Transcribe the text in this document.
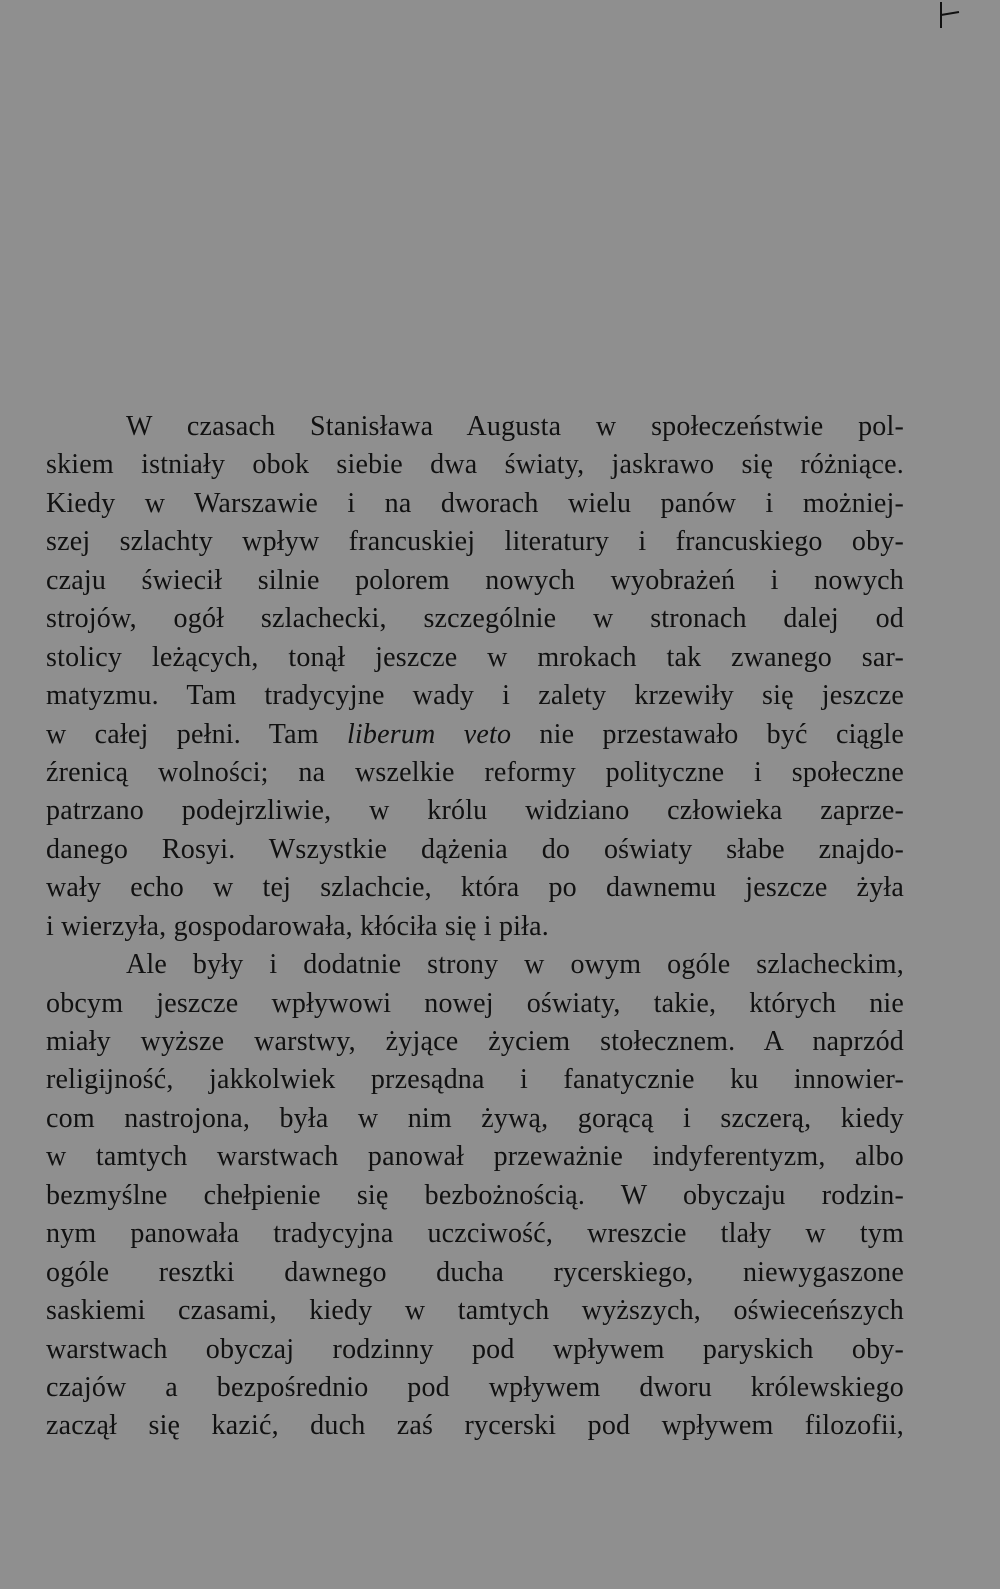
W czasach Stanisława Augusta w społeczeństwie pol-
skiem istniały obok siebie dwa światy, jaskrawo się różniące.
Kiedy w Warszawie i na dworach wielu panów i możniej-
szej szlachty wpływ francuskiej literatury i francuskiego oby-
czaju świecił silnie polorem nowych wyobrażeń i nowych
strojów, ogół szlachecki, szczególnie w stronach dalej od
stolicy leżących, tonął jeszcze w mrokach tak zwanego sar-
matyzmu. Tam tradycyjne wady i zalety krzewiły się jeszcze
w całej pełni. Tam liberum veto nie przestawało być ciągle
źrenicą wolności; na wszelkie reformy polityczne i społeczne
patrzano podejrzliwie, w królu widziano człowieka zaprze-
danego Rosyi. Wszystkie dążenia do oświaty słabe znajdo-
wały echo w tej szlachcie, która po dawnemu jeszcze żyła
i wierzyła, gospodarowała, kłóciła się i piła.
Ale były i dodatnie strony w owym ogóle szlacheckim,
obcym jeszcze wpływowi nowej oświaty, takie, których nie
miały wyższe warstwy, żyjące życiem stołecznem. A naprzód
religijność, jakkolwiek przesądna i fanatycznie ku innowier-
com nastrojona, była w nim żywą, gorącą i szczerą, kiedy
w tamtych warstwach panował przeważnie indyferentyzm, albo
bezmyślne chełpienie się bezbożnością. W obyczaju rodzin-
nym panowała tradycyjna uczciwość, wreszcie tlały w tym
ogóle resztki dawnego ducha rycerskiego, niewygaszone
saskiemi czasami, kiedy w tamtych wyższych, oświeceńszych
warstwach obyczaj rodzinny pod wpływem paryskich oby-
czajów a bezpośrednio pod wpływem dworu królewskiego
zaczął się kazić, duch zaś rycerski pod wpływem filozofii,
